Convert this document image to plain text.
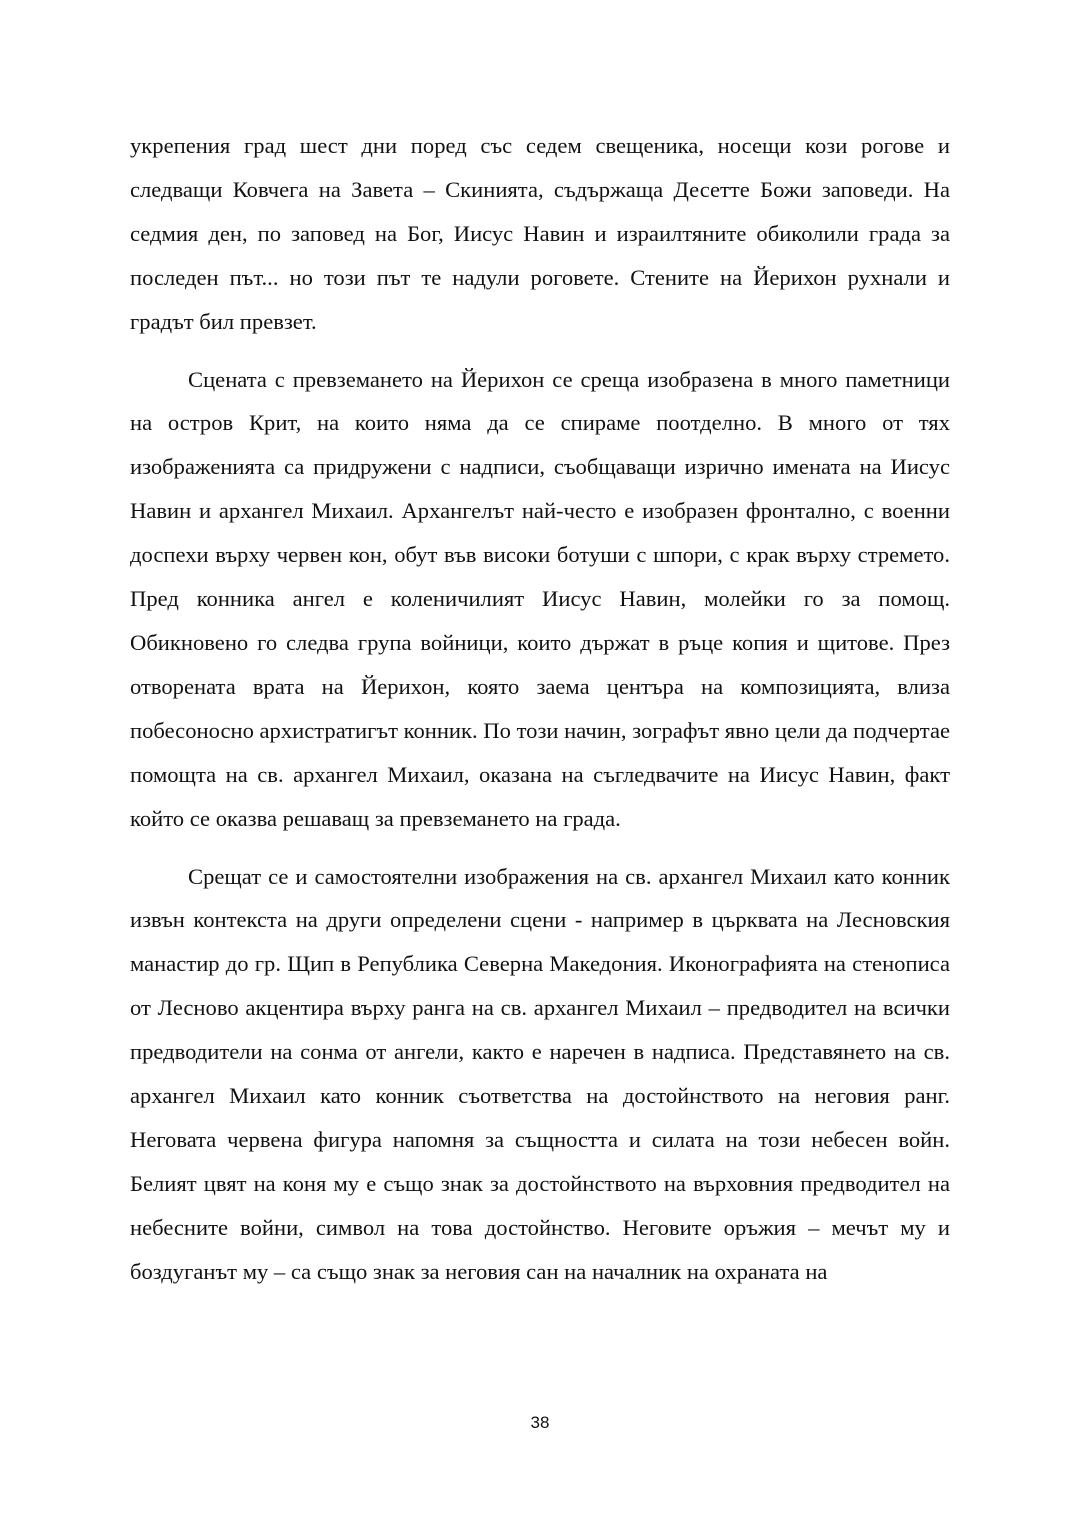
укрепения град шест дни поред със седем свещеника, носещи кози рогове и следващи Ковчега на Завета – Скинията, съдържаща Десетте Божи заповеди. На седмия ден, по заповед на Бог, Иисус Навин и израилтяните обиколили града за последен път... но този път те надули роговете. Стените на Йерихон рухнали и градът бил превзет.

Сцената с превземането на Йерихон се среща изобразена в много паметници на остров Крит, на които няма да се спираме поотделно. В много от тях изображенията са придружени с надписи, съобщаващи изрично имената на Иисус Навин и архангел Михаил. Архангелът най-често е изобразен фронтално, с военни доспехи върху червен кон, обут във високи ботуши с шпори, с крак върху стремето. Пред конника ангел е коленичилият Иисус Навин, молейки го за помощ. Обикновено го следва група войници, които държат в ръце копия и щитове. През отворената врата на Йерихон, която заема центъра на композицията, влиза побесоносно архистратигът конник. По този начин, зографът явно цели да подчертае помощта на св. архангел Михаил, оказана на съгледвачите на Иисус Навин, факт който се оказва решаващ за превземането на града.

Срещат се и самостоятелни изображения на св. архангел Михаил като конник извън контекста на други определени сцени - например в църквата на Лесновския манастир до гр. Щип в Република Северна Македония. Иконографията на стенописа от Лесново акцентира върху ранга на св. архангел Михаил – предводител на всички предводители на сонма от ангели, както е наречен в надписа. Представянето на св. архангел Михаил като конник съответства на достойнството на неговия ранг. Неговата червена фигура напомня за същността и силата на този небесен войн. Белият цвят на коня му е също знак за достойнството на върховния предводител на небесните войни, символ на това достойнство. Неговите оръжия – мечът му и боздуганът му – са също знак за неговия сан на началник на охраната на

38
